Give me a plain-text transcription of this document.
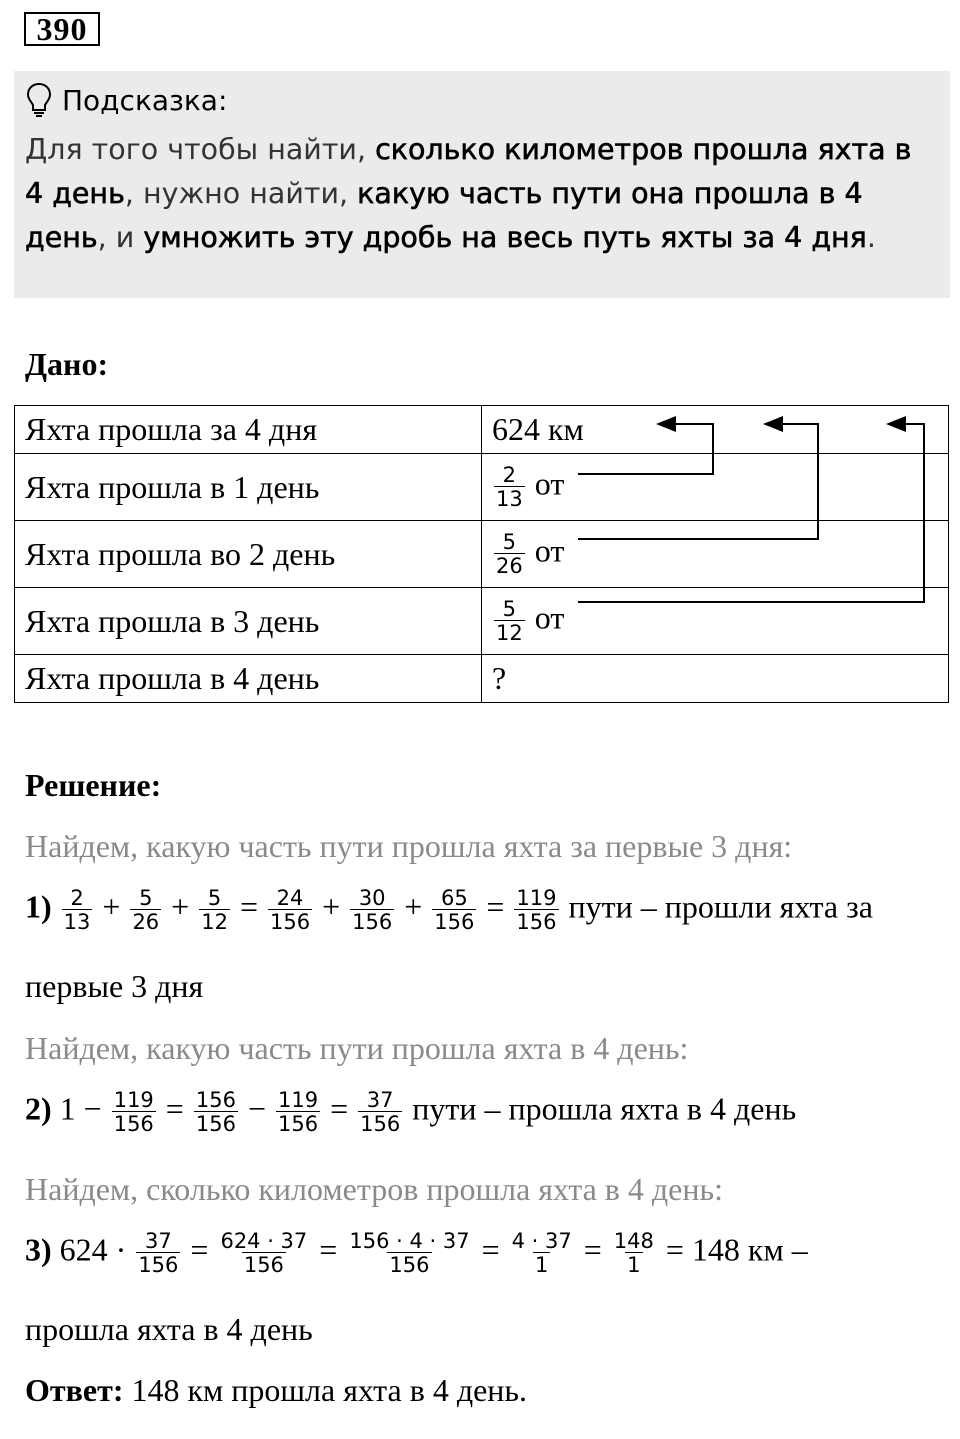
390
Подсказка:
Для того чтобы найти, сколько километров прошла яхта в 4 день, нужно найти, какую часть пути она прошла в 4 день, и умножить эту дробь на весь путь яхты за 4 дня.
Дано:
Яхта прошла за 4 дня	624 км
Яхта прошла в 1 день	$\frac{2}{13}$ от
Яхта прошла во 2 день	$\frac{5}{26}$ от
Яхта прошла в 3 день	$\frac{5}{12}$ от
Яхта прошла в 4 день	?
Решение:
Найдем, какую часть пути прошла яхта за первые 3 дня:
$1) \frac{2}{13} + \frac{5}{26} + \frac{5}{12} = \frac{24}{156} + \frac{30}{156} + \frac{65}{156} = \frac{119}{156}$ пути – прошли яхта за
первые 3 дня
Найдем, какую часть пути прошла яхта в 4 день:
2) $1 - \frac{119}{156} = \frac{156}{156} - \frac{119}{156} = \frac{37}{156}$ пути – прошла яхта в 4 день
Найдем, сколько километров прошла яхта в 4 день:
3) $624 \cdot \frac{37}{156} = \frac{624 \cdot 37}{156} = \frac{156 \cdot 4 \cdot 37}{156} = \frac{4 \cdot 37}{1} = \frac{148}{1} = 148$ км –
прошла яхта в 4 день
Ответ: 148 км прошла яхта в 4 день.
